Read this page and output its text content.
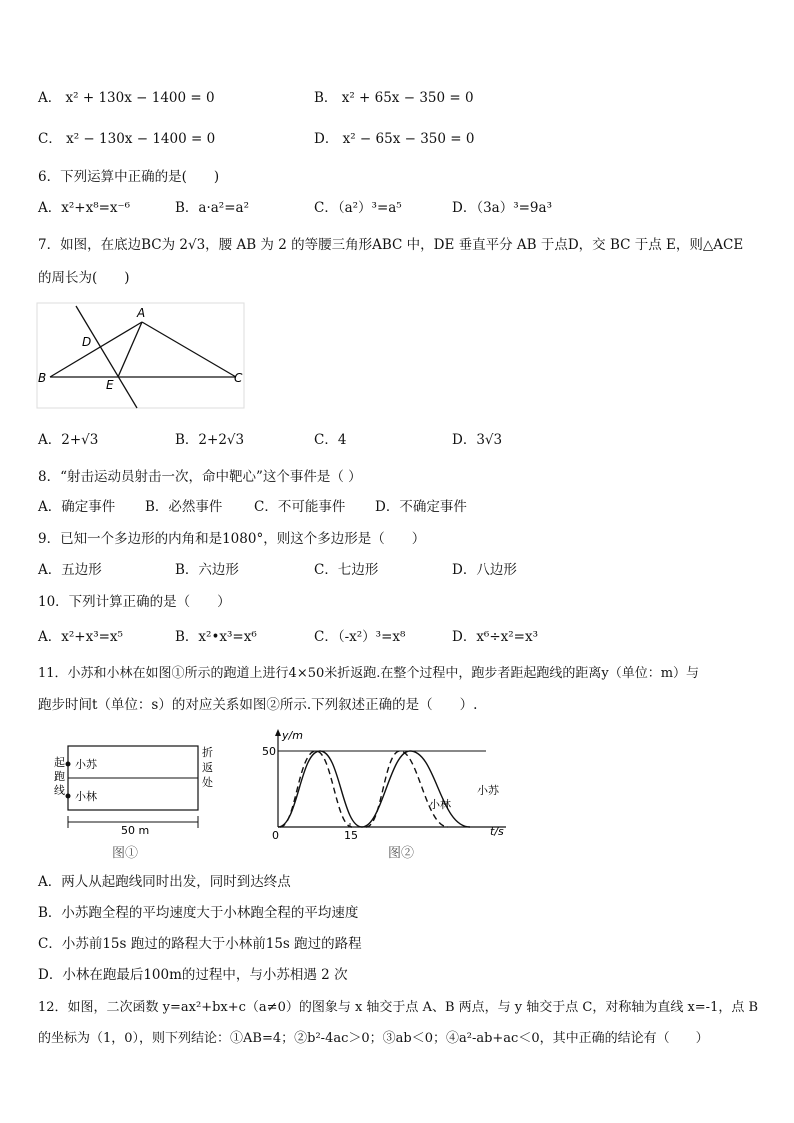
A． x² + 130x − 1400 = 0	B． x² + 65x − 350 = 0
C． x² − 130x − 1400 = 0	D． x² − 65x − 350 = 0
6．下列运算中正确的是(　　)
A．x²+x⁸=x⁻⁶	B．a·a²=a²	C．（a²）³=a⁵	D．（3a）³=9a³
7．如图，在底边BC为 2√3，腰 AB 为 2 的等腰三角形ABC 中，DE 垂直平分 AB 于点D，交 BC 于点 E，则△ACE
的周长为(　　)
A
B	C
D
E
A．2+√3	B．2+2√3	C．4	D．3√3
8．“射击运动员射击一次，命中靶心”这个事件是（ ）
A．确定事件 B．必然事件 C．不可能事件 D．不确定事件
9．已知一个多边形的内角和是1080°，则这个多边形是（　　）
A．五边形	B．六边形	C．七边形	D．八边形
10．下列计算正确的是（　　）
A．x²+x³=x⁵	B．x²•x³=x⁶	C．（-x²）³=x⁸	D．x⁶÷x²=x³
11．小苏和小林在如图①所示的跑道上进行4×50米折返跑.在整个过程中，跑步者距起跑线的距离y（单位：m）与
跑步时间t（单位：s）的对应关系如图②所示.下列叙述正确的是（　　）.
起
跑
线
折
返
处
小苏
小林
50 m
图①
y/m
50
0	15	t/s
小林
小苏
图②
A．两人从起跑线同时出发，同时到达终点
B．小苏跑全程的平均速度大于小林跑全程的平均速度
C．小苏前15s 跑过的路程大于小林前15s 跑过的路程
D．小林在跑最后100m的过程中，与小苏相遇 2 次
12．如图，二次函数 y=ax²+bx+c（a≠0）的图象与 x 轴交于点 A、B 两点，与 y 轴交于点 C，对称轴为直线 x=-1，点 B
的坐标为（1，0），则下列结论：①AB=4；②b²-4ac＞0；③ab＜0；④a²-ab+ac＜0，其中正确的结论有（　　）
